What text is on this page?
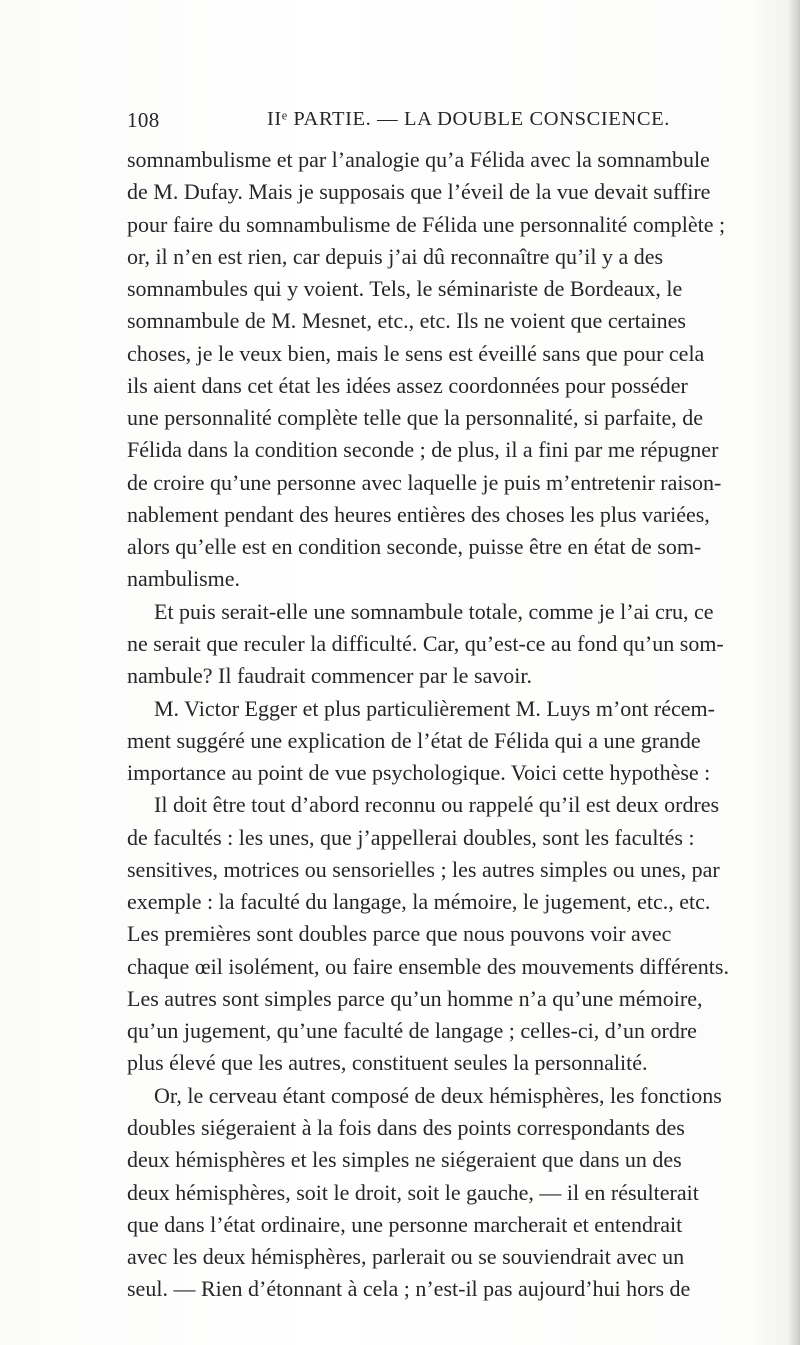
108	IIᵉ PARTIE. — LA DOUBLE CONSCIENCE.
somnambulisme et par l’analogie qu’a Félida avec la somnambule
de M. Dufay. Mais je supposais que l’éveil de la vue devait suffire
pour faire du somnambulisme de Félida une personnalité complète ;
or, il n’en est rien, car depuis j’ai dû reconnaître qu’il y a des
somnambules qui y voient. Tels, le séminariste de Bordeaux, le
somnambule de M. Mesnet, etc., etc. Ils ne voient que certaines
choses, je le veux bien, mais le sens est éveillé sans que pour cela
ils aient dans cet état les idées assez coordonnées pour posséder
une personnalité complète telle que la personnalité, si parfaite, de
Félida dans la condition seconde ; de plus, il a fini par me répugner
de croire qu’une personne avec laquelle je puis m’entretenir raison-
nablement pendant des heures entières des choses les plus variées,
alors qu’elle est en condition seconde, puisse être en état de som-
nambulisme.
Et puis serait-elle une somnambule totale, comme je l’ai cru, ce
ne serait que reculer la difficulté. Car, qu’est-ce au fond qu’un som-
nambule? Il faudrait commencer par le savoir.
M. Victor Egger et plus particulièrement M. Luys m’ont récem-
ment suggéré une explication de l’état de Félida qui a une grande
importance au point de vue psychologique. Voici cette hypothèse :
Il doit être tout d’abord reconnu ou rappelé qu’il est deux ordres
de facultés : les unes, que j’appellerai doubles, sont les facultés :
sensitives, motrices ou sensorielles ; les autres simples ou unes, par
exemple : la faculté du langage, la mémoire, le jugement, etc., etc.
Les premières sont doubles parce que nous pouvons voir avec
chaque œil isolément, ou faire ensemble des mouvements différents.
Les autres sont simples parce qu’un homme n’a qu’une mémoire,
qu’un jugement, qu’une faculté de langage ; celles-ci, d’un ordre
plus élevé que les autres, constituent seules la personnalité.
Or, le cerveau étant composé de deux hémisphères, les fonctions
doubles siégeraient à la fois dans des points correspondants des
deux hémisphères et les simples ne siégeraient que dans un des
deux hémisphères, soit le droit, soit le gauche, — il en résulterait
que dans l’état ordinaire, une personne marcherait et entendrait
avec les deux hémisphères, parlerait ou se souviendrait avec un
seul. — Rien d’étonnant à cela ; n’est-il pas aujourd’hui hors de
